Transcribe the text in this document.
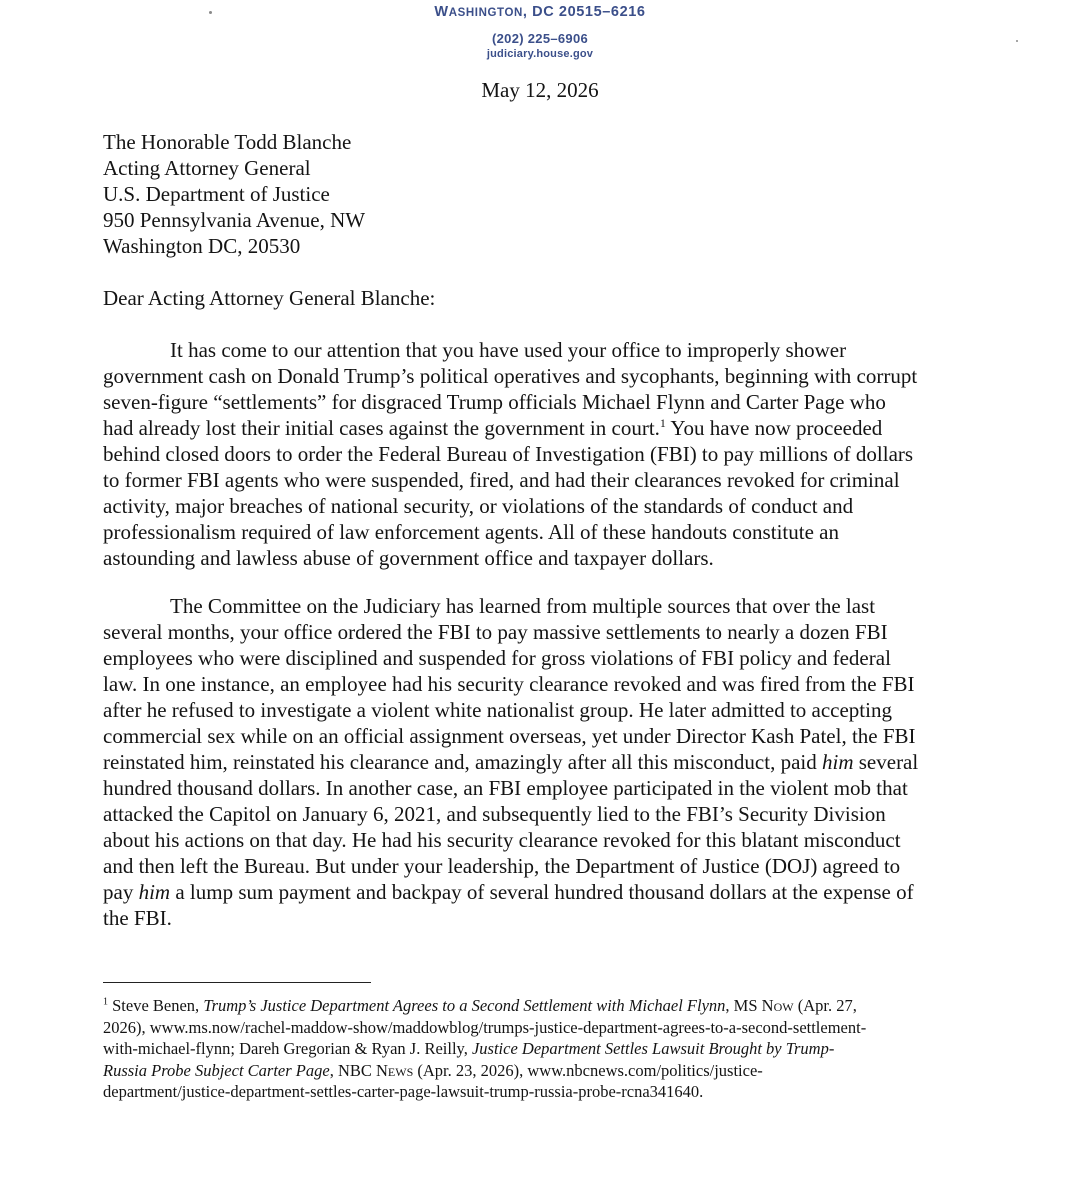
WASHINGTON, DC 20515–6216
(202) 225–6906
judiciary.house.gov
May 12, 2026
The Honorable Todd Blanche
Acting Attorney General
U.S. Department of Justice
950 Pennsylvania Avenue, NW
Washington DC, 20530
Dear Acting Attorney General Blanche:
It has come to our attention that you have used your office to improperly shower
government cash on Donald Trump’s political operatives and sycophants, beginning with corrupt
seven-figure “settlements” for disgraced Trump officials Michael Flynn and Carter Page who
had already lost their initial cases against the government in court.$^1$ You have now proceeded
behind closed doors to order the Federal Bureau of Investigation (FBI) to pay millions of dollars
to former FBI agents who were suspended, fired, and had their clearances revoked for criminal
activity, major breaches of national security, or violations of the standards of conduct and
professionalism required of law enforcement agents. All of these handouts constitute an
astounding and lawless abuse of government office and taxpayer dollars.
The Committee on the Judiciary has learned from multiple sources that over the last
several months, your office ordered the FBI to pay massive settlements to nearly a dozen FBI
employees who were disciplined and suspended for gross violations of FBI policy and federal
law. In one instance, an employee had his security clearance revoked and was fired from the FBI
after he refused to investigate a violent white nationalist group. He later admitted to accepting
commercial sex while on an official assignment overseas, yet under Director Kash Patel, the FBI
reinstated him, reinstated his clearance and, amazingly after all this misconduct, paid him several
hundred thousand dollars. In another case, an FBI employee participated in the violent mob that
attacked the Capitol on January 6, 2021, and subsequently lied to the FBI’s Security Division
about his actions on that day. He had his security clearance revoked for this blatant misconduct
and then left the Bureau. But under your leadership, the Department of Justice (DOJ) agreed to
pay him a lump sum payment and backpay of several hundred thousand dollars at the expense of
the FBI.
$^1$ Steve Benen, Trump’s Justice Department Agrees to a Second Settlement with Michael Flynn, MS Now (Apr. 27,
2026), www.ms.now/rachel-maddow-show/maddowblog/trumps-justice-department-agrees-to-a-second-settlement-
with-michael-flynn; Dareh Gregorian & Ryan J. Reilly, Justice Department Settles Lawsuit Brought by Trump-
Russia Probe Subject Carter Page, NBC News (Apr. 23, 2026), www.nbcnews.com/politics/justice-
department/justice-department-settles-carter-page-lawsuit-trump-russia-probe-rcna341640.
